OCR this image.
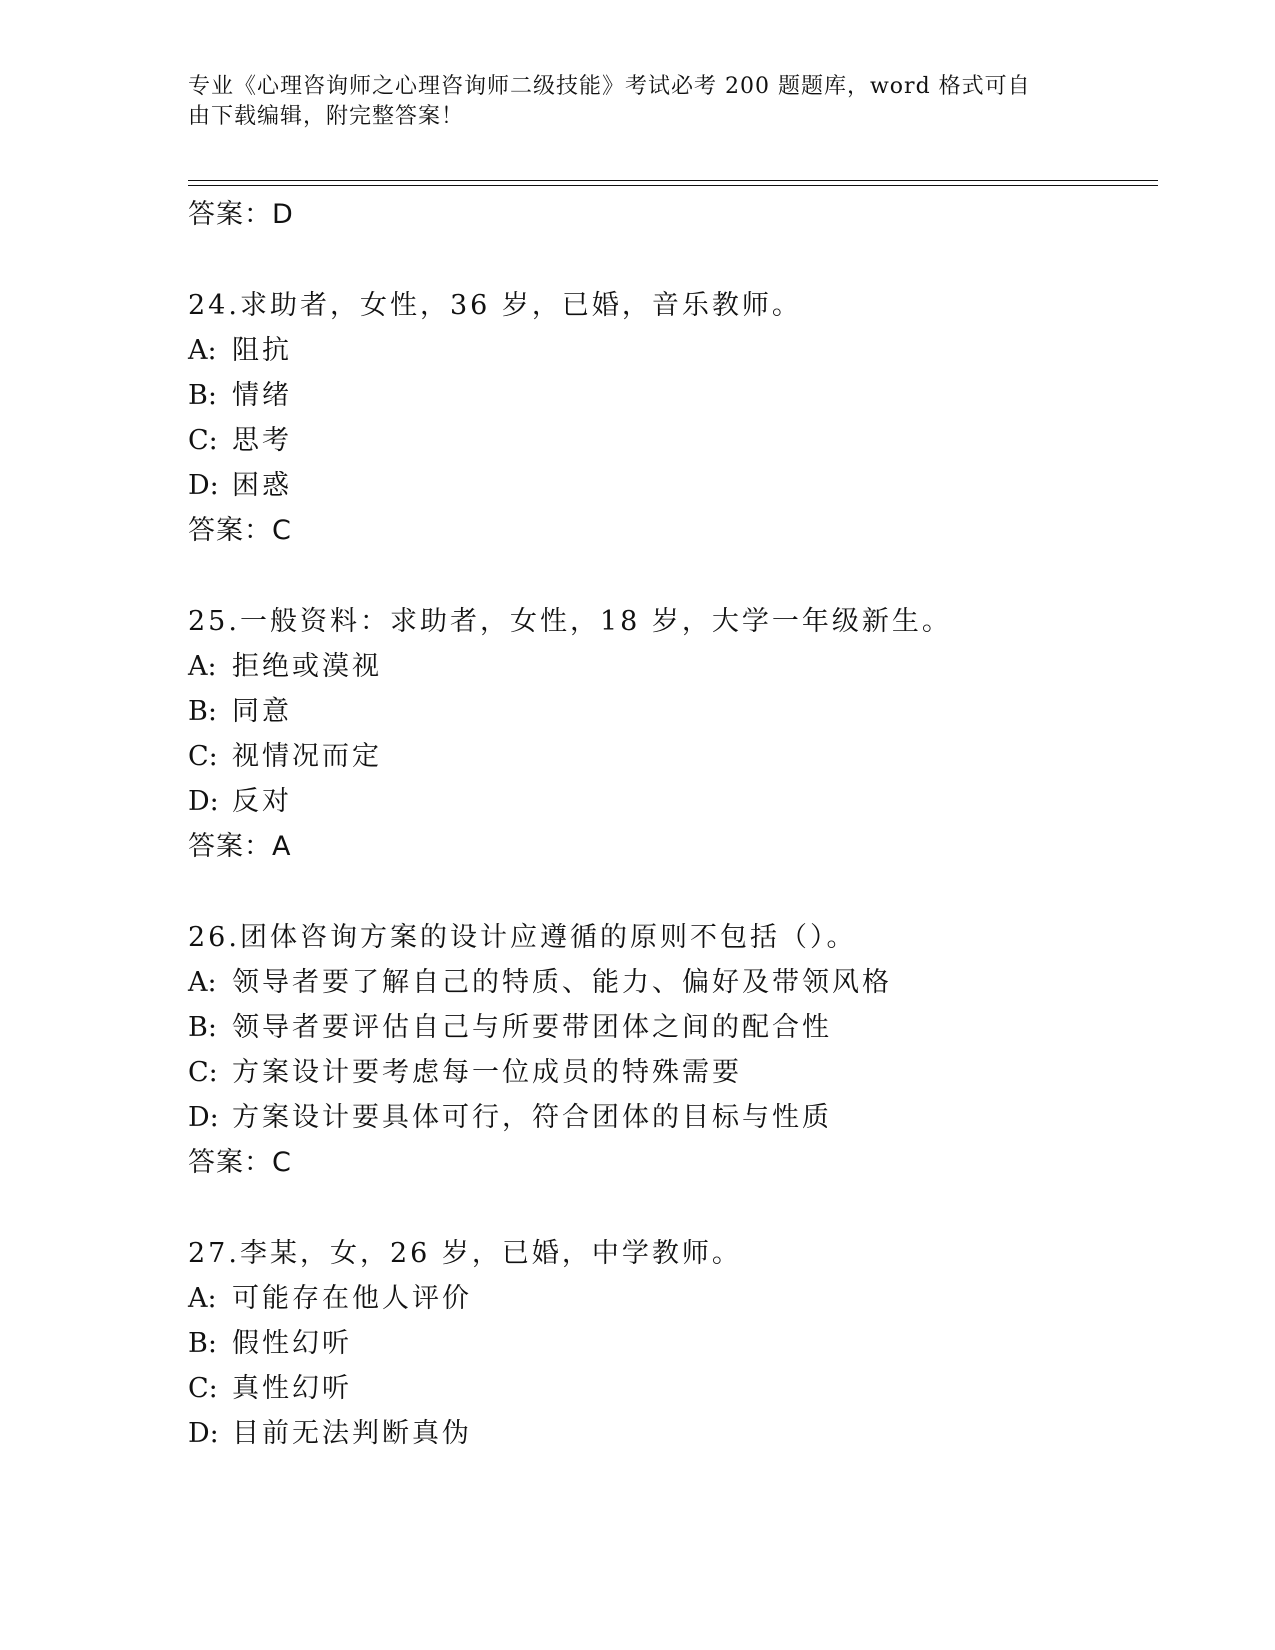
专业《心理咨询师之心理咨询师二级技能》考试必考 200 题题库，word 格式可自
由下载编辑，附完整答案！
答案：D
24.求助者，女性，36 岁，已婚，音乐教师。
A: 阻抗
B: 情绪
C: 思考
D: 困惑
答案：C
25.一般资料：求助者，女性，18 岁，大学一年级新生。
A: 拒绝或漠视
B: 同意
C: 视情况而定
D: 反对
答案：A
26.团体咨询方案的设计应遵循的原则不包括（）。
A: 领导者要了解自己的特质、能力、偏好及带领风格
B: 领导者要评估自己与所要带团体之间的配合性
C: 方案设计要考虑每一位成员的特殊需要
D: 方案设计要具体可行，符合团体的目标与性质
答案：C
27.李某，女，26 岁，已婚，中学教师。
A: 可能存在他人评价
B: 假性幻听
C: 真性幻听
D: 目前无法判断真伪
